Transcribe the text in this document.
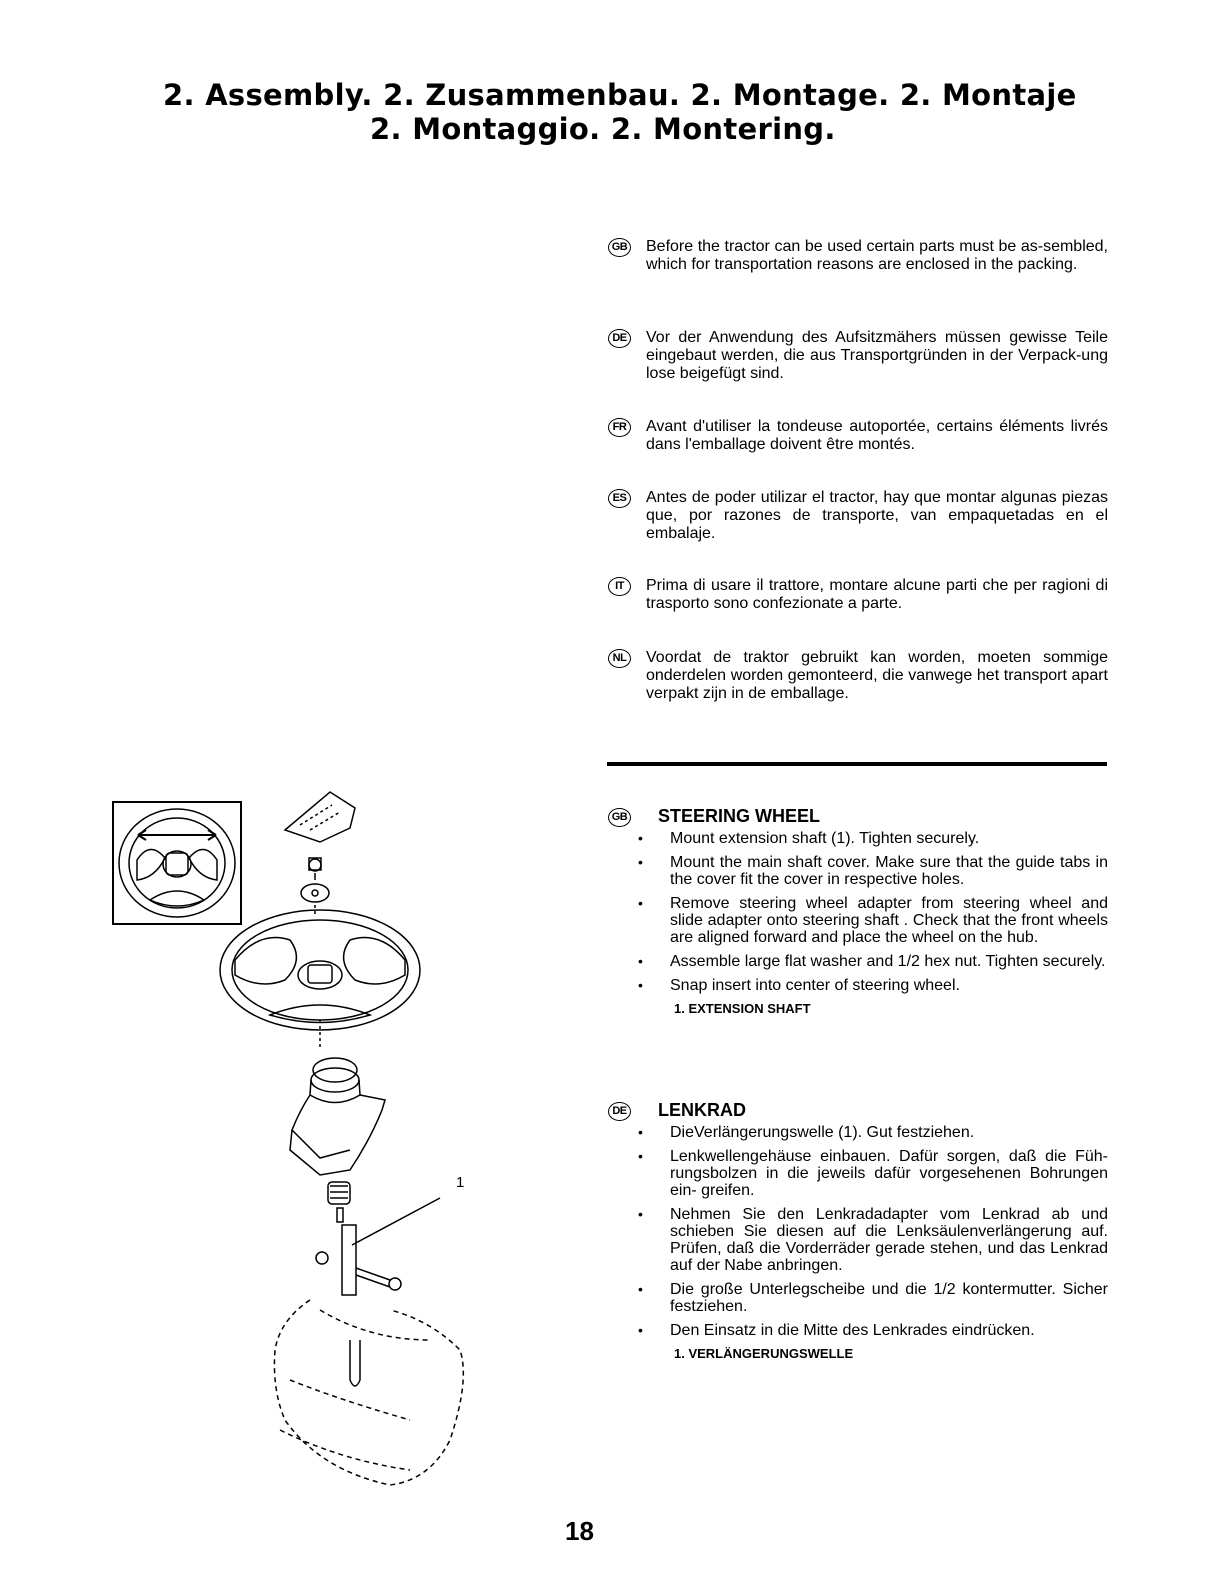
2. Assembly. 2. Zusammenbau. 2. Montage. 2. Montaje
2. Montaggio. 2. Montering.
GB Before the tractor can be used certain parts must be as-sembled, which for transportation reasons are enclosed in the packing.
DE Vor der Anwendung des Aufsitzmähers müssen gewisse Teile eingebaut werden, die aus Transportgründen in der Verpack-ung lose beigefügt sind.
FR Avant d'utiliser la tondeuse autoportée, certains éléments livrés dans l'emballage doivent être montés.
ES Antes de poder utilizar el tractor, hay que montar algunas piezas que, por razones de transporte, van empaquetadas en el embalaje.
IT	Prima di usare il trattore, montare alcune parti che per ragioni di trasporto sono confezionate a parte.
NL Voordat de traktor gebruikt kan worden, moeten sommige onderdelen worden gemonteerd, die vanwege het transport apart verpakt zijn in de emballage.
GB STEERING WHEEL
• Mount extension shaft (1). Tighten securely.
• Mount the main shaft cover. Make sure that the guide tabs in the cover fit the cover in respective holes.
• Remove steering wheel adapter from steering wheel and slide adapter onto steering shaft . Check that the front wheels are aligned forward and place the wheel on the hub.
• Assemble large flat washer and 1/2 hex nut. Tighten securely.
• Snap insert into center of steering wheel.
1. EXTENSION SHAFT
DE LENKRAD
• DieVerlängerungswelle (1). Gut festziehen.
• Lenkwellengehäuse einbauen. Dafür sorgen, daß die Füh-rungsbolzen in die jeweils dafür vorgesehenen Bohrungen ein- greifen.
• Nehmen Sie den Lenkradadapter vom Lenkrad ab und schieben Sie diesen auf die Lenksäulenverlängerung auf. Prüfen, daß die Vorderräder gerade stehen, und das Lenkrad auf der Nabe anbringen.
• Die große Unterlegscheibe und die 1/2 kontermutter. Sicher festziehen.
• Den Einsatz in die Mitte des Lenkrades eindrücken.
1. VERLÄNGERUNGSWELLE
1
18
